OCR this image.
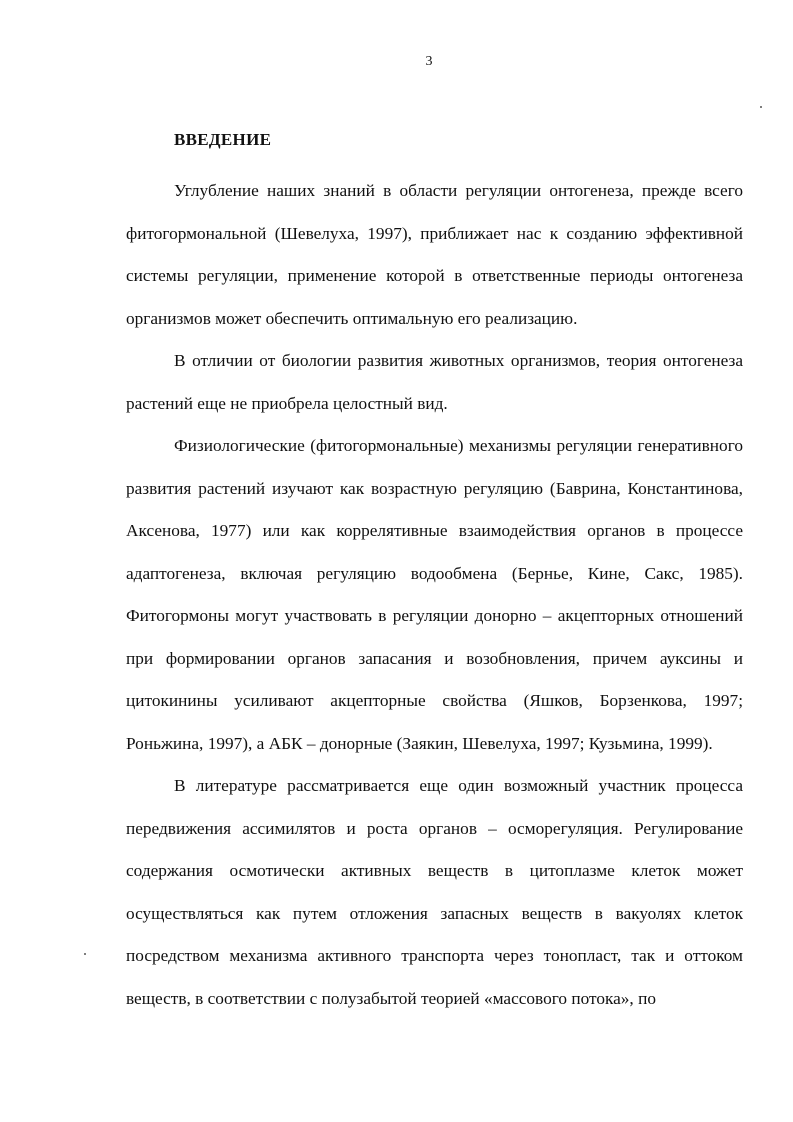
3
ВВЕДЕНИЕ

Углубление наших знаний в области регуляции онтогенеза, прежде всего фитогормональной (Шевелуха, 1997), приближает нас к созданию эффективной системы регуляции, применение которой в ответственные периоды онтогенеза организмов может обеспечить оптимальную его реализацию.

В отличии от биологии развития животных организмов, теория онтогенеза растений еще не приобрела целостный вид.

Физиологические (фитогормональные) механизмы регуляции генеративного развития растений изучают как возрастную регуляцию (Баврина, Константинова, Аксенова, 1977) или как коррелятивные взаимодействия органов в процессе адаптогенеза, включая регуляцию водообмена (Бернье, Кине, Сакс, 1985). Фитогормоны могут участвовать в регуляции донорно – акцепторных отношений при формировании органов запасания и возобновления, причем ауксины и цитокинины усиливают акцепторные свойства (Яшков, Борзенкова, 1997; Роньжина, 1997), а АБК – донорные (Заякин, Шевелуха, 1997; Кузьмина, 1999).

В литературе рассматривается еще один возможный участник процесса передвижения ассимилятов и роста органов – осморегуляция. Регулирование содержания осмотически активных веществ в цитоплазме клеток может осуществляться как путем отложения запасных веществ в вакуолях клеток посредством механизма активного транспорта через тонопласт, так и оттоком веществ, в соответствии с полузабытой теорией «массового потока», по
